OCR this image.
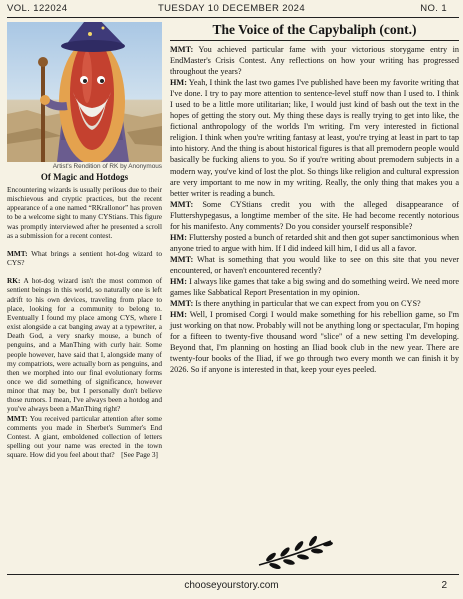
VOL. 122024	TUESDAY 10 DECEMBER 2024	NO. 1
Artist's Rendition of RK by Anonymous
Of Magic and Hotdogs

Encountering wizards is usually perilous due to their mischievous and cryptic practices, but the recent appearance of a one named “RKrallonor” has proven to be a welcome sight to many CYStians. This figure was promptly interviewed after he presented a scroll as a submission for a recent contest.

MMT: What brings a sentient hot-dog wizard to CYS?

RK: A hot-dog wizard isn't the most common of sentient beings in this world, so naturally one is left adrift to his own devices, traveling from place to place, looking for a community to belong to. Eventually I found my place among CYS, where I exist alongside a cat banging away at a typewriter, a Death God, a very snarky mouse, a bunch of penguins, and a ManThing with curly hair. Some people however, have said that I, alongside many of my compatriots, were actually born as penguins, and then we morphed into our final evolutionary forms once we did something of significance, however minor that may be, but I personally don't believe those rumors. I mean, I've always been a hotdog and you've always been a ManThing right?

MMT: You received particular attention after some comments you made in Sherbet's Summer's End Contest. A giant, emboldened collection of letters spelling out your name was erected in the town square. How did you feel about that? [See Page 3]
The Voice of the Capybaliph (cont.)

MMT: You achieved particular fame with your victorious storygame entry in EndMaster's Crisis Contest. Any reflections on how your writing has progressed throughout the years?

HM: Yeah, I think the last two games I've published have been my favorite writing that I've done. I try to pay more attention to sentence-level stuff now than I used to. I think I used to be a little more utilitarian; like, I would just kind of bash out the text in the hopes of getting the story out. My thing these days is really trying to get into like, the fictional anthropology of the worlds I'm writing. I'm very interested in fictional religion. I think when you're writing fantasy at least, you're trying at least in part to tap into history. And the thing is about historical figures is that all premodern people would basically be fucking aliens to you. So if you're writing about premodern subjects in a modern way, you've kind of lost the plot. So things like religion and cultural expression are very important to me now in my writing. Really, the only thing that makes you a better writer is reading a bunch.

MMT: Some CYStians credit you with the alleged disappearance of Fluttershypegasus, a longtime member of the site. He had become recently notorious for his manifesto. Any comments? Do you consider yourself responsible?

HM: Fluttershy posted a bunch of retarded shit and then got super sanctimonious when anyone tried to argue with him. If I did indeed kill him, I did us all a favor.

MMT: What is something that you would like to see on this site that you never encountered, or haven't encountered recently?

HM: I always like games that take a big swing and do something weird. We need more games like Sabbatical Report Presentation in my opinion.

MMT: Is there anything in particular that we can expect from you on CYS?

HM: Well, I promised Corgi I would make something for his rebellion game, so I'm just working on that now. Probably will not be anything long or spectacular, I'm hoping for a fifteen to twenty-five thousand word "slice" of a new setting I'm developing. Beyond that, I'm planning on hosting an Iliad book club in the new year. There are twenty-four books of the Iliad, if we go through two every month we can finish it by 2026. So if anyone is interested in that, keep your eyes peeled.

chooseyourstory.com	2
